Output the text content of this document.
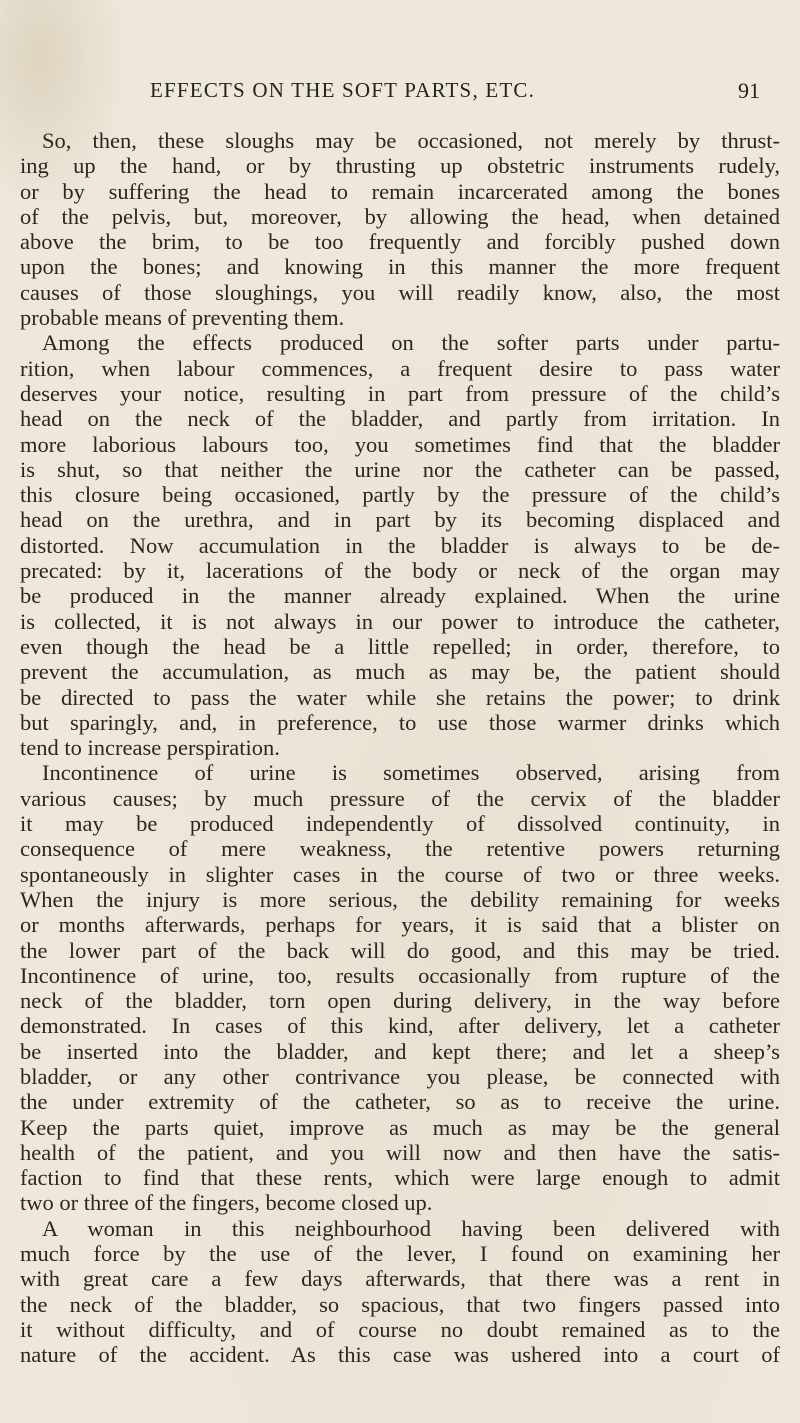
EFFECTS ON THE SOFT PARTS, ETC.	91
So, then, these sloughs may be occasioned, not merely by thrust-
ing up the hand, or by thrusting up obstetric instruments rudely,
or by suffering the head to remain incarcerated among the bones
of the pelvis, but, moreover, by allowing the head, when detained
above the brim, to be too frequently and forcibly pushed down
upon the bones; and knowing in this manner the more frequent
causes of those sloughings, you will readily know, also, the most
probable means of preventing them.
Among the effects produced on the softer parts under partu-
rition, when labour commences, a frequent desire to pass water
deserves your notice, resulting in part from pressure of the child’s
head on the neck of the bladder, and partly from irritation. In
more laborious labours too, you sometimes find that the bladder
is shut, so that neither the urine nor the catheter can be passed,
this closure being occasioned, partly by the pressure of the child’s
head on the urethra, and in part by its becoming displaced and
distorted. Now accumulation in the bladder is always to be de-
precated: by it, lacerations of the body or neck of the organ may
be produced in the manner already explained. When the urine
is collected, it is not always in our power to introduce the catheter,
even though the head be a little repelled; in order, therefore, to
prevent the accumulation, as much as may be, the patient should
be directed to pass the water while she retains the power; to drink
but sparingly, and, in preference, to use those warmer drinks which
tend to increase perspiration.
Incontinence of urine is sometimes observed, arising from
various causes; by much pressure of the cervix of the bladder
it may be produced independently of dissolved continuity, in
consequence of mere weakness, the retentive powers returning
spontaneously in slighter cases in the course of two or three weeks.
When the injury is more serious, the debility remaining for weeks
or months afterwards, perhaps for years, it is said that a blister on
the lower part of the back will do good, and this may be tried.
Incontinence of urine, too, results occasionally from rupture of the
neck of the bladder, torn open during delivery, in the way before
demonstrated. In cases of this kind, after delivery, let a catheter
be inserted into the bladder, and kept there; and let a sheep’s
bladder, or any other contrivance you please, be connected with
the under extremity of the catheter, so as to receive the urine.
Keep the parts quiet, improve as much as may be the general
health of the patient, and you will now and then have the satis-
faction to find that these rents, which were large enough to admit
two or three of the fingers, become closed up.
A woman in this neighbourhood having been delivered with
much force by the use of the lever, I found on examining her
with great care a few days afterwards, that there was a rent in
the neck of the bladder, so spacious, that two fingers passed into
it without difficulty, and of course no doubt remained as to the
nature of the accident. As this case was ushered into a court of
